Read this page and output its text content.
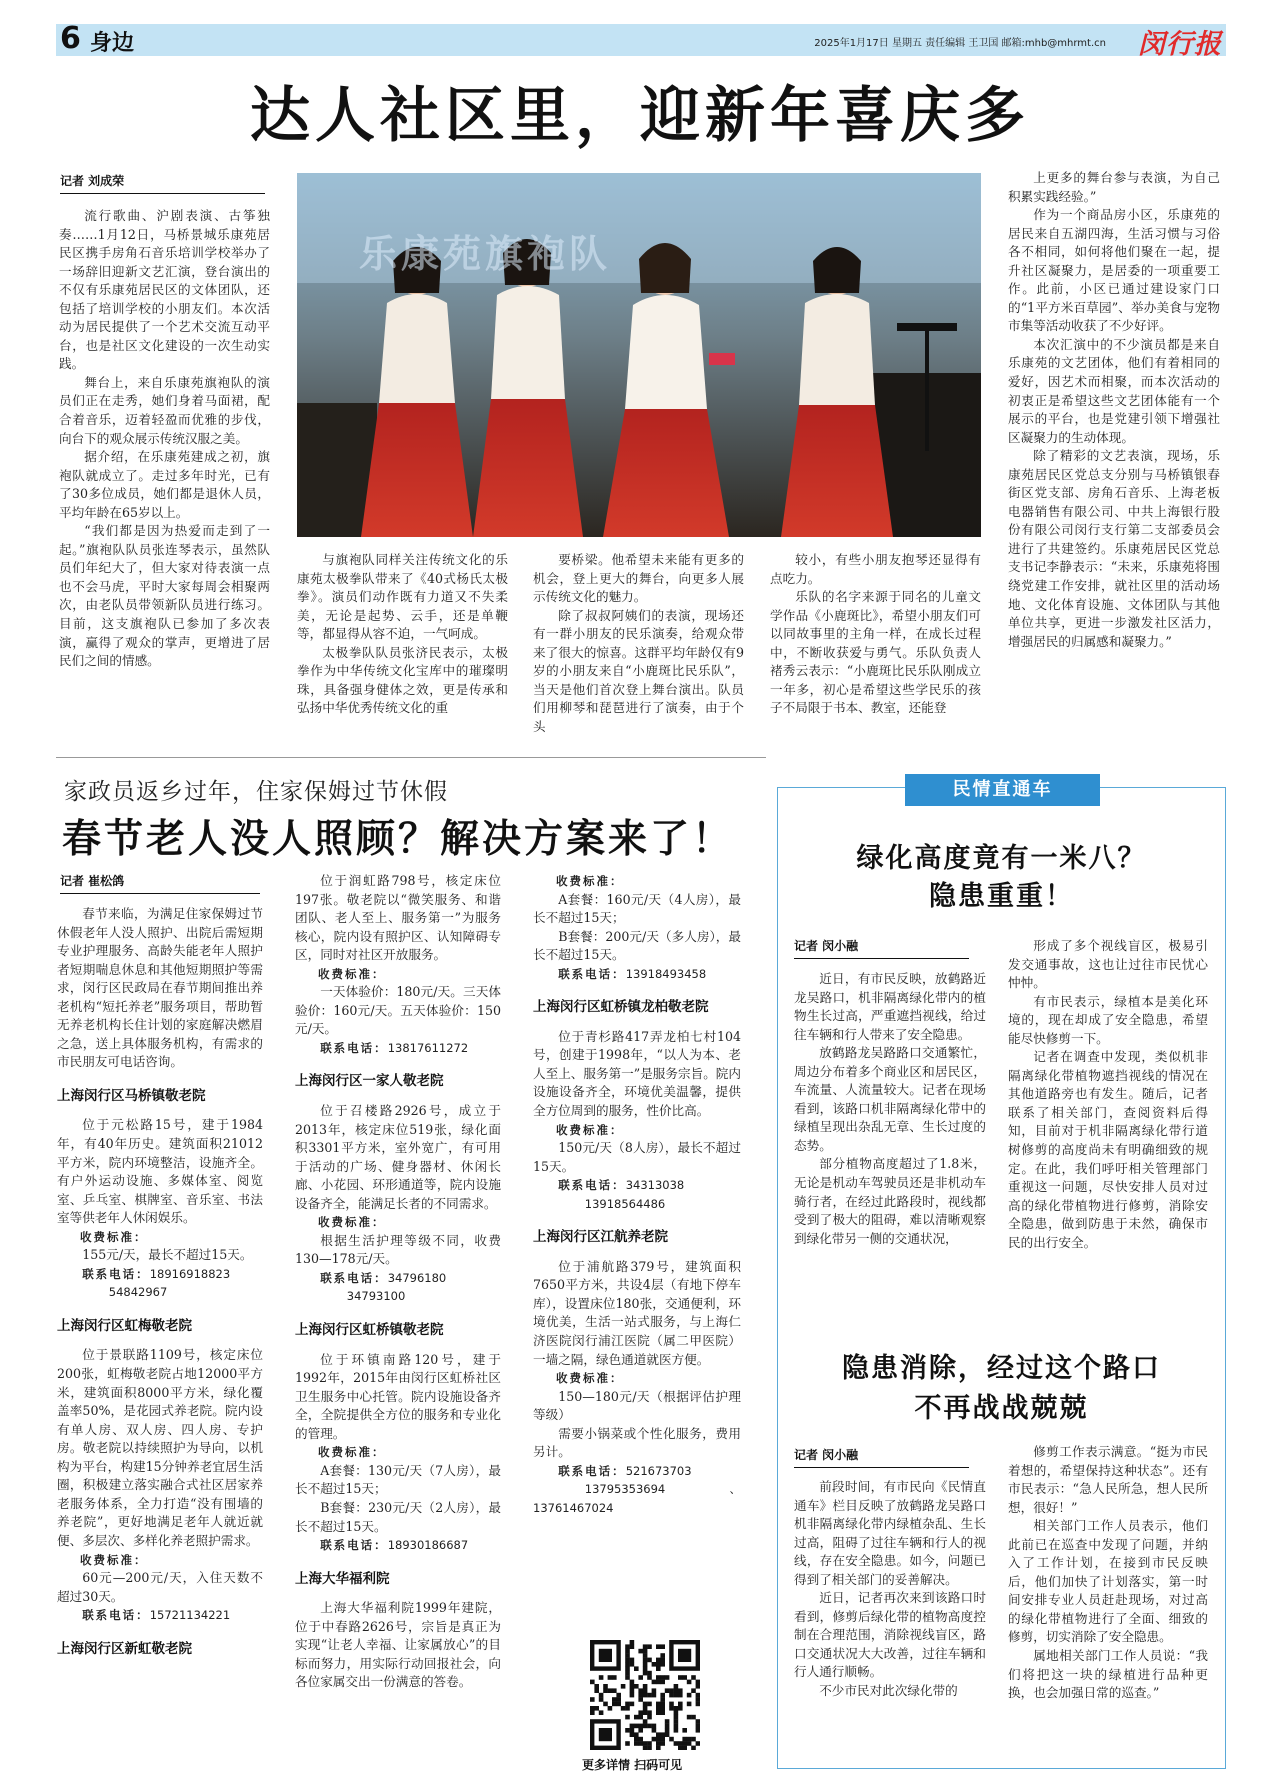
6 身边	2025年1月17日 星期五 责任编辑 王卫国 邮箱:mhb@mhrmt.cn 闵行报
达人社区里，迎新年喜庆多
记者 刘成荣

流行歌曲、沪剧表演、古筝独奏……1月12日，马桥景城乐康苑居民区携手房角石音乐培训学校举办了一场辞旧迎新文艺汇演，登台演出的不仅有乐康苑居民区的文体团队，还包括了培训学校的小朋友们。本次活动为居民提供了一个艺术交流互动平台，也是社区文化建设的一次生动实践。

舞台上，来自乐康苑旗袍队的演员们正在走秀，她们身着马面裙，配合着音乐，迈着轻盈而优雅的步伐，向台下的观众展示传统汉服之美。

据介绍，在乐康苑建成之初，旗袍队就成立了。走过多年时光，已有了30多位成员，她们都是退休人员，平均年龄在65岁以上。

“我们都是因为热爱而走到了一起。”旗袍队队员张连琴表示，虽然队员们年纪大了，但大家对待表演一点也不会马虎，平时大家每周会相聚两次，由老队员带领新队员进行练习。目前，这支旗袍队已参加了多次表演，赢得了观众的掌声，更增进了居民们之间的情感。

乐康苑旗袍队

与旗袍队同样关注传统文化的乐康苑太极拳队带来了《40式杨氏太极拳》。演员们动作既有力道又不失柔美，无论是起势、云手，还是单鞭等，都显得从容不迫，一气呵成。

太极拳队队员张济民表示，太极拳作为中华传统文化宝库中的璀璨明珠，具备强身健体之效，更是传承和弘扬中华优秀传统文化的重

要桥梁。他希望未来能有更多的机会，登上更大的舞台，向更多人展示传统文化的魅力。

除了叔叔阿姨们的表演，现场还有一群小朋友的民乐演奏，给观众带来了很大的惊喜。这群平均年龄仅有9岁的小朋友来自“小鹿斑比民乐队”，当天是他们首次登上舞台演出。队员们用柳琴和琵琶进行了演奏，由于个头

较小，有些小朋友抱琴还显得有点吃力。

乐队的名字来源于同名的儿童文学作品《小鹿斑比》，希望小朋友们可以同故事里的主角一样，在成长过程中，不断收获爱与勇气。乐队负责人褚秀云表示：“小鹿斑比民乐队刚成立一年多，初心是希望这些学民乐的孩子不局限于书本、教室，还能登

上更多的舞台参与表演，为自己积累实践经验。”

作为一个商品房小区，乐康苑的居民来自五湖四海，生活习惯与习俗各不相同，如何将他们聚在一起，提升社区凝聚力，是居委的一项重要工作。此前，小区已通过建设家门口的“1平方米百草园”、举办美食与宠物市集等活动收获了不少好评。

本次汇演中的不少演员都是来自乐康苑的文艺团体，他们有着相同的爱好，因艺术而相聚，而本次活动的初衷正是希望这些文艺团体能有一个展示的平台，也是党建引领下增强社区凝聚力的生动体现。

除了精彩的文艺表演，现场，乐康苑居民区党总支分别与马桥镇银春街区党支部、房角石音乐、上海老板电器销售有限公司、中共上海银行股份有限公司闵行支行第二支部委员会进行了共建签约。乐康苑居民区党总支书记李静表示：“未来，乐康苑将围绕党建工作安排，就社区里的活动场地、文化体育设施、文体团队与其他单位共享，更进一步激发社区活力，增强居民的归属感和凝聚力。”

家政员返乡过年，住家保姆过节休假
春节老人没人照顾？解决方案来了！
记者 崔松鸽

春节来临，为满足住家保姆过节休假老年人没人照护、出院后需短期专业护理服务、高龄失能老年人照护者短期喘息休息和其他短期照护等需求，闵行区民政局在春节期间推出养老机构“短托养老”服务项目，帮助暂无养老机构长住计划的家庭解决燃眉之急，送上具体服务机构，有需求的市民朋友可电话咨询。

上海闵行区马桥镇敬老院

位于元松路15号，建于1984年，有40年历史。建筑面积21012平方米，院内环境整洁，设施齐全。有户外运动设施、多媒体室、阅览室、乒乓室、棋牌室、音乐室、书法室等供老年人休闲娱乐。

收费标准：

155元/天，最长不超过15天。

联系电话：18916918823
54842967

上海闵行区虹梅敬老院

位于景联路1109号，核定床位200张，虹梅敬老院占地12000平方米，建筑面积8000平方米，绿化覆盖率50%，是花园式养老院。院内设有单人房、双人房、四人房、专护房。敬老院以持续照护为导向，以机构为平台，构建15分钟养老宜居生活圈，积极建立落实融合式社区居家养老服务体系，全力打造“没有围墙的养老院”，更好地满足老年人就近就便、多层次、多样化养老照护需求。

收费标准：

60元—200元/天，入住天数不超过30天。

联系电话：15721134221

上海闵行区新虹敬老院

位于润虹路798号，核定床位197张。敬老院以“微笑服务、和谐团队、老人至上、服务第一”为服务核心，院内设有照护区、认知障碍专区，同时对社区开放服务。

收费标准：

一天体验价：180元/天。三天体验价：160元/天。五天体验价：150元/天。

联系电话：13817611272

上海闵行区一家人敬老院

位于召楼路2926号，成立于2013年，核定床位519张，绿化面积3301平方米，室外宽广，有可用于活动的广场、健身器材、休闲长廊、小花园、环形通道等，院内设施设备齐全，能满足长者的不同需求。

收费标准：

根据生活护理等级不同，收费130—178元/天。

联系电话：34796180
34793100

上海闵行区虹桥镇敬老院

位于环镇南路120号，建于1992年，2015年由闵行区虹桥社区卫生服务中心托管。院内设施设备齐全，全院提供全方位的服务和专业化的管理。

收费标准：

A套餐：130元/天（7人房），最长不超过15天；

B套餐：230元/天（2人房），最长不超过15天。

联系电话：18930186687

上海大华福利院

上海大华福利院1999年建院，位于中春路2626号，宗旨是真正为实现“让老人幸福、让家属放心”的目标而努力，用实际行动回报社会，向各位家属交出一份满意的答卷。

收费标准：

A套餐：160元/天（4人房），最长不超过15天；

B套餐：200元/天（多人房），最长不超过15天。

联系电话：13918493458

上海闵行区虹桥镇龙柏敬老院

位于青杉路417弄龙柏七村104号，创建于1998年，“以人为本、老人至上、服务第一”是服务宗旨。院内设施设备齐全，环境优美温馨，提供全方位周到的服务，性价比高。

收费标准：

150元/天（8人房），最长不超过15天。

联系电话：34313038
13918564486

上海闵行区江航养老院

位于浦航路379号，建筑面积7650平方米，共设4层（有地下停车库），设置床位180张，交通便利，环境优美，生活一站式服务，与上海仁济医院闵行浦江医院（属二甲医院）一墙之隔，绿色通道就医方便。

收费标准：

150—180元/天（根据评估护理等级）

需要小锅菜或个性化服务，费用另计。

联系电话：521673703
13795353694、13761467024

更多详情 扫码可见
民情直通车
绿化高度竟有一米八？
隐患重重！
记者 闵小融

近日，有市民反映，放鹤路近龙吴路口，机非隔离绿化带内的植物生长过高，严重遮挡视线，给过往车辆和行人带来了安全隐患。

放鹤路龙吴路路口交通繁忙，周边分布着多个商业区和居民区，车流量、人流量较大。记者在现场看到，该路口机非隔离绿化带中的绿植呈现出杂乱无章、生长过度的态势。

部分植物高度超过了1.8米，无论是机动车驾驶员还是非机动车骑行者，在经过此路段时，视线都受到了极大的阻碍，难以清晰观察到绿化带另一侧的交通状况，

形成了多个视线盲区，极易引发交通事故，这也让过往市民忧心忡忡。

有市民表示，绿植本是美化环境的，现在却成了安全隐患，希望能尽快修剪一下。

记者在调查中发现，类似机非隔离绿化带植物遮挡视线的情况在其他道路旁也有发生。随后，记者联系了相关部门，查阅资料后得知，目前对于机非隔离绿化带行道树修剪的高度尚未有明确细致的规定。在此，我们呼吁相关管理部门重视这一问题，尽快安排人员对过高的绿化带植物进行修剪，消除安全隐患，做到防患于未然，确保市民的出行安全。

隐患消除，经过这个路口
不再战战兢兢
记者 闵小融

前段时间，有市民向《民情直通车》栏目反映了放鹤路龙吴路口机非隔离绿化带内绿植杂乱、生长过高，阻碍了过往车辆和行人的视线，存在安全隐患。如今，问题已得到了相关部门的妥善解决。

近日，记者再次来到该路口时看到，修剪后绿化带的植物高度控制在合理范围，消除视线盲区，路口交通状况大大改善，过往车辆和行人通行顺畅。

不少市民对此次绿化带的

修剪工作表示满意。“挺为市民着想的，希望保持这种状态”。还有市民表示：“急人民所急，想人民所想，很好！”

相关部门工作人员表示，他们此前已在巡查中发现了问题，并纳入了工作计划，在接到市民反映后，他们加快了计划落实，第一时间安排专业人员赶赴现场，对过高的绿化带植物进行了全面、细致的修剪，切实消除了安全隐患。

属地相关部门工作人员说：“我们将把这一块的绿植进行品种更换，也会加强日常的巡查。”
